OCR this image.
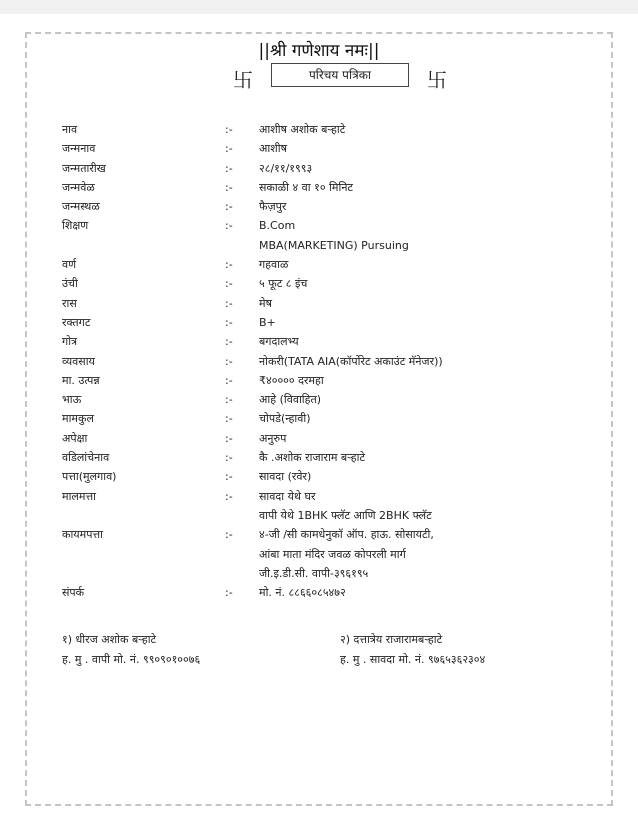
||श्री गणेशाय नमः||
卐	परिचय पत्रिका	卐
नाव	:- आशीष अशोक बऱ्हाटे
जन्मनाव	:- आशीष
जन्मतारीख	:- २८/११/१९९३
जन्मवेळ	:- सकाळी ४ वा १० मिनिट
जन्मस्थळ	:- फैज़पुर
शिक्षण	:- B.Com
MBA(MARKETING) Pursuing
वर्ण	:- गहवाळ
उंची	:- ५ फूट ८ इंच
रास	:- मेष
रक्तगट	:- B+
गोत्र	:- बगदालभ्य
व्यवसाय	:- नोकरी(TATA AIA(कॉर्पोरेट अकाउंट मॅनेजर))
मा. उत्पन्न	:- ₹४०००० दरमहा
भाऊ	:- आहे (विवाहित)
मामकुल	:- चोपडे(न्हावी)
अपेक्षा	:- अनुरुप
वडिलांचेनाव	:- कै .अशोक राजाराम बऱ्हाटे
पत्ता(मुलगाव)	:- सावदा (रवेर)
मालमत्ता	:- सावदा येथे घर
वापी येथे 1BHK फ्लॅट आणि 2BHK फ्लॅट
कायमपत्ता	:- ४-जी /सी कामधेनुकॉ ऑप. हाऊ. सोसायटी,
आंबा माता मंदिर जवळ कोपरली मार्ग
जी.इ.डी.सी. वापी-३९६१९५
संपर्क	:- मो. नं. ८८६६०८५४७२
१) धीरज अशोक बऱ्हाटे
ह. मु . वापी मो. नं. ९९०९०१००७६
२) दत्तात्रेय राजारामबऱ्हाटे
ह. मु . सावदा मो. नं. ९७६५३६२३०४
